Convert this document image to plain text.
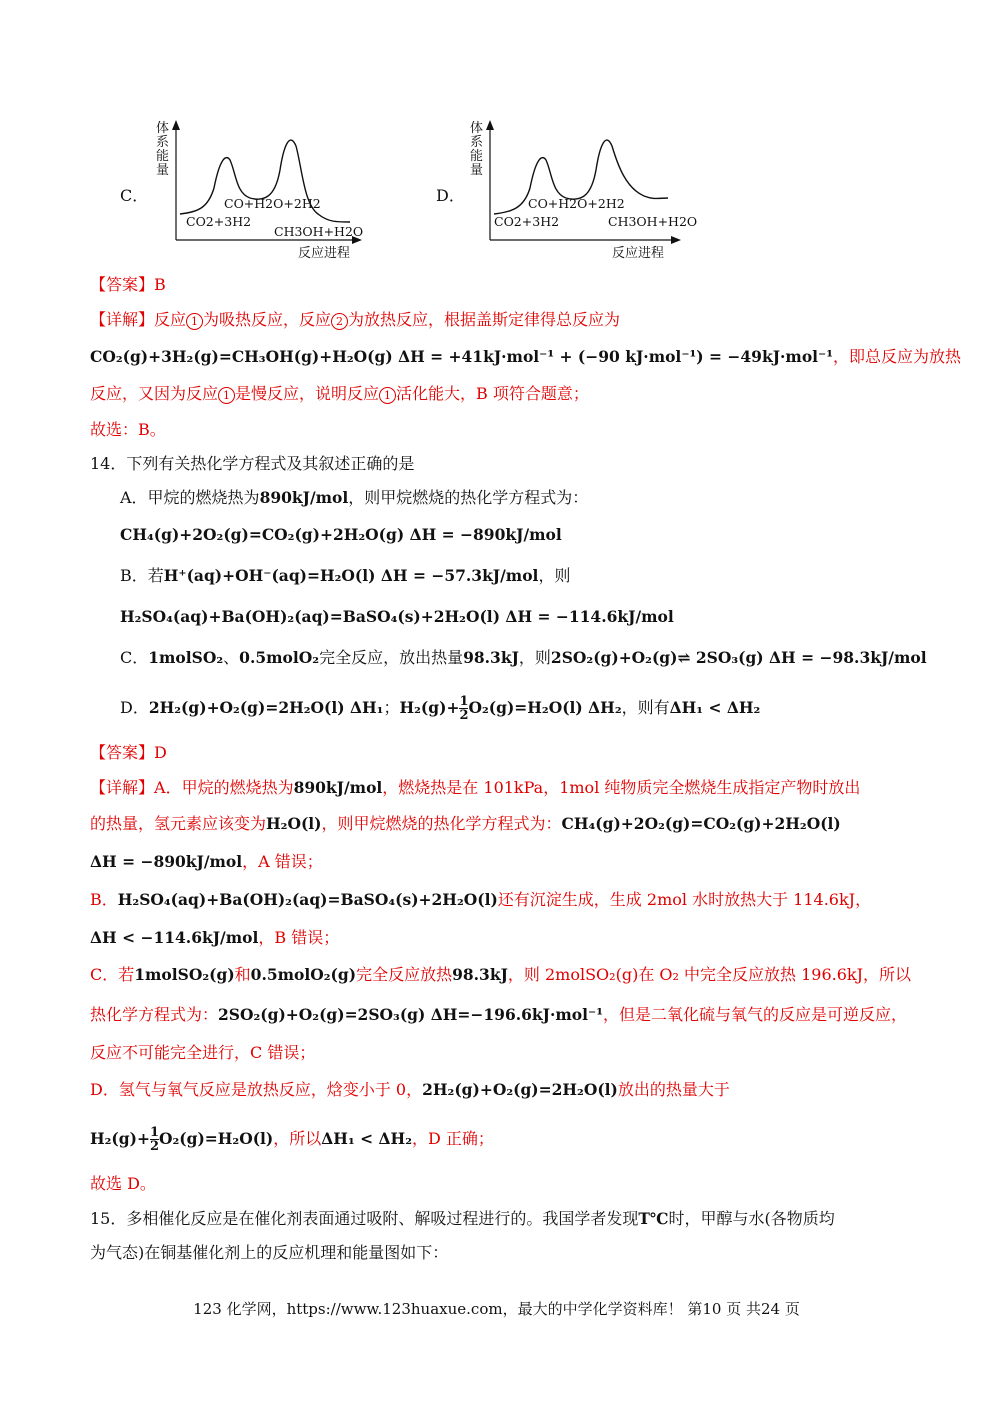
C．
体系能量
CO2+3H2
CO+H2O+2H2
CH3OH+H2O
反应进程
D．
体系能量
CO2+3H2
CO+H2O+2H2
CH3OH+H2O
反应进程
【答案】B
【详解】反应 1 为吸热反应，反应 2 为放热反应，根据盖斯定律得总反应为
CO₂(g)+3H₂(g)=CH₃OH(g)+H₂O(g) ΔH = +41kJ·mol⁻¹ + (−90 kJ·mol⁻¹) = −49kJ·mol⁻¹，即总反应为放热
反应，又因为反应 1 是慢反应，说明反应 1 活化能大，B 项符合题意；
故选：B。
14．下列有关热化学方程式及其叙述正确的是
A．甲烷的燃烧热为890kJ/mol，则甲烷燃烧的热化学方程式为：
CH₄(g)+2O₂(g)=CO₂(g)+2H₂O(g) ΔH = −890kJ/mol
B．若H⁺(aq)+OH⁻(aq)=H₂O(l) ΔH = −57.3kJ/mol，则
H₂SO₄(aq)+Ba(OH)₂(aq)=BaSO₄(s)+2H₂O(l) ΔH = −114.6kJ/mol
C．1molSO₂、0.5molO₂完全反应，放出热量98.3kJ，则2SO₂(g)+O₂(g)⇌ 2SO₃(g) ΔH = −98.3kJ/mol
D．2H₂(g)+O₂(g)=2H₂O(l) ΔH₁；$H_2(g)+ \frac{1}{2} O_2(g)=H_2O(l)$ ΔH₂，则有ΔH₁ < ΔH₂
【答案】D
【详解】A．甲烷的燃烧热为890kJ/mol，燃烧热是在 101kPa，1mol 纯物质完全燃烧生成指定产物时放出
的热量，氢元素应该变为H₂O(l)，则甲烷燃烧的热化学方程式为：CH₄(g)+2O₂(g)=CO₂(g)+2H₂O(l)
ΔH = −890kJ/mol，A 错误；
B．H₂SO₄(aq)+Ba(OH)₂(aq)=BaSO₄(s)+2H₂O(l)还有沉淀生成，生成 2mol 水时放热大于 114.6kJ，
ΔH < −114.6kJ/mol，B 错误；
C．若1molSO₂(g)和0.5molO₂(g)完全反应放热98.3kJ，则 2molSO₂(g)在 O₂ 中完全反应放热 196.6kJ，所以
热化学方程式为：2SO₂(g)+O₂(g)=2SO₃(g) ΔH=−196.6kJ·mol⁻¹，但是二氧化硫与氧气的反应是可逆反应，
反应不可能完全进行，C 错误；
D．氢气与氧气反应是放热反应，焓变小于 0，2H₂(g)+O₂(g)=2H₂O(l)放出的热量大于
$H_2(g)+ \frac{1}{2} O_2(g)=H_2O(l)$，所以ΔH₁ < ΔH₂，D 正确；
故选 D。
15．多相催化反应是在催化剂表面通过吸附、解吸过程进行的。我国学者发现T℃时，甲醇与水(各物质均
为气态)在铜基催化剂上的反应机理和能量图如下：
123 化学网，https://www.123huaxue.com，最大的中学化学资料库！ 第10 页 共24 页
